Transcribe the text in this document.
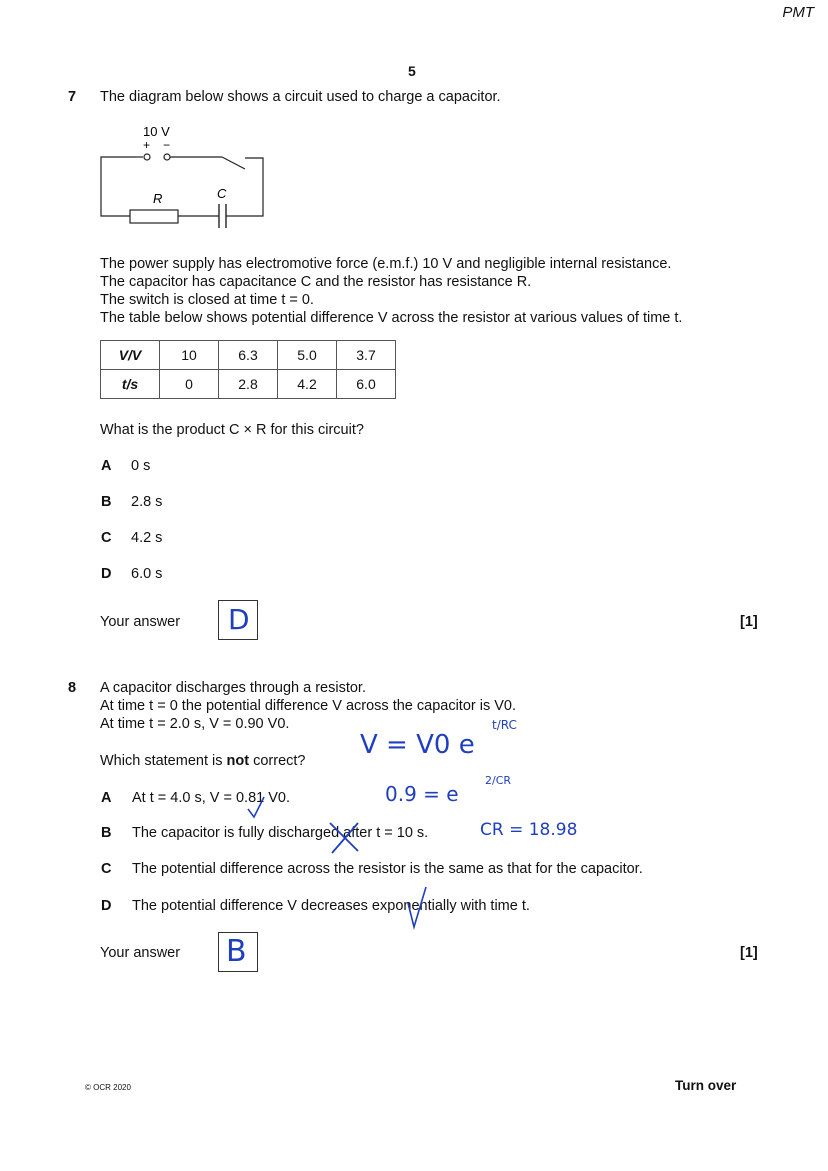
PMT
5
7 The diagram below shows a circuit used to charge a capacitor.
10 V
+ −
R	C
The power supply has electromotive force (e.m.f.) 10 V and negligible internal resistance.
The capacitor has capacitance C and the resistor has resistance R.
The switch is closed at time t = 0.
The table below shows potential difference V across the resistor at various values of time t.
V/V	10	6.3	5.0	3.7
t/s	0	2.8	4.2	6.0
What is the product C × R for this circuit?
A 0 s
B 2.8 s
C 4.2 s
D 6.0 s
Your answer D	[1]
8 A capacitor discharges through a resistor.
At time t = 0 the potential difference V across the capacitor is V0.
At time t = 2.0 s, V = 0.90 V0.
Which statement is not correct?
A At t = 4.0 s, V = 0.81 V0.
B The capacitor is fully discharged after t = 10 s.
C The potential difference across the resistor is the same as that for the capacitor.
D The potential difference V decreases exponentially with time t.
V = V0 e
t/RC
0.9 = e
2/CR
CR = 18.98
Your answer B	[1]
© OCR 2020	Turn over
